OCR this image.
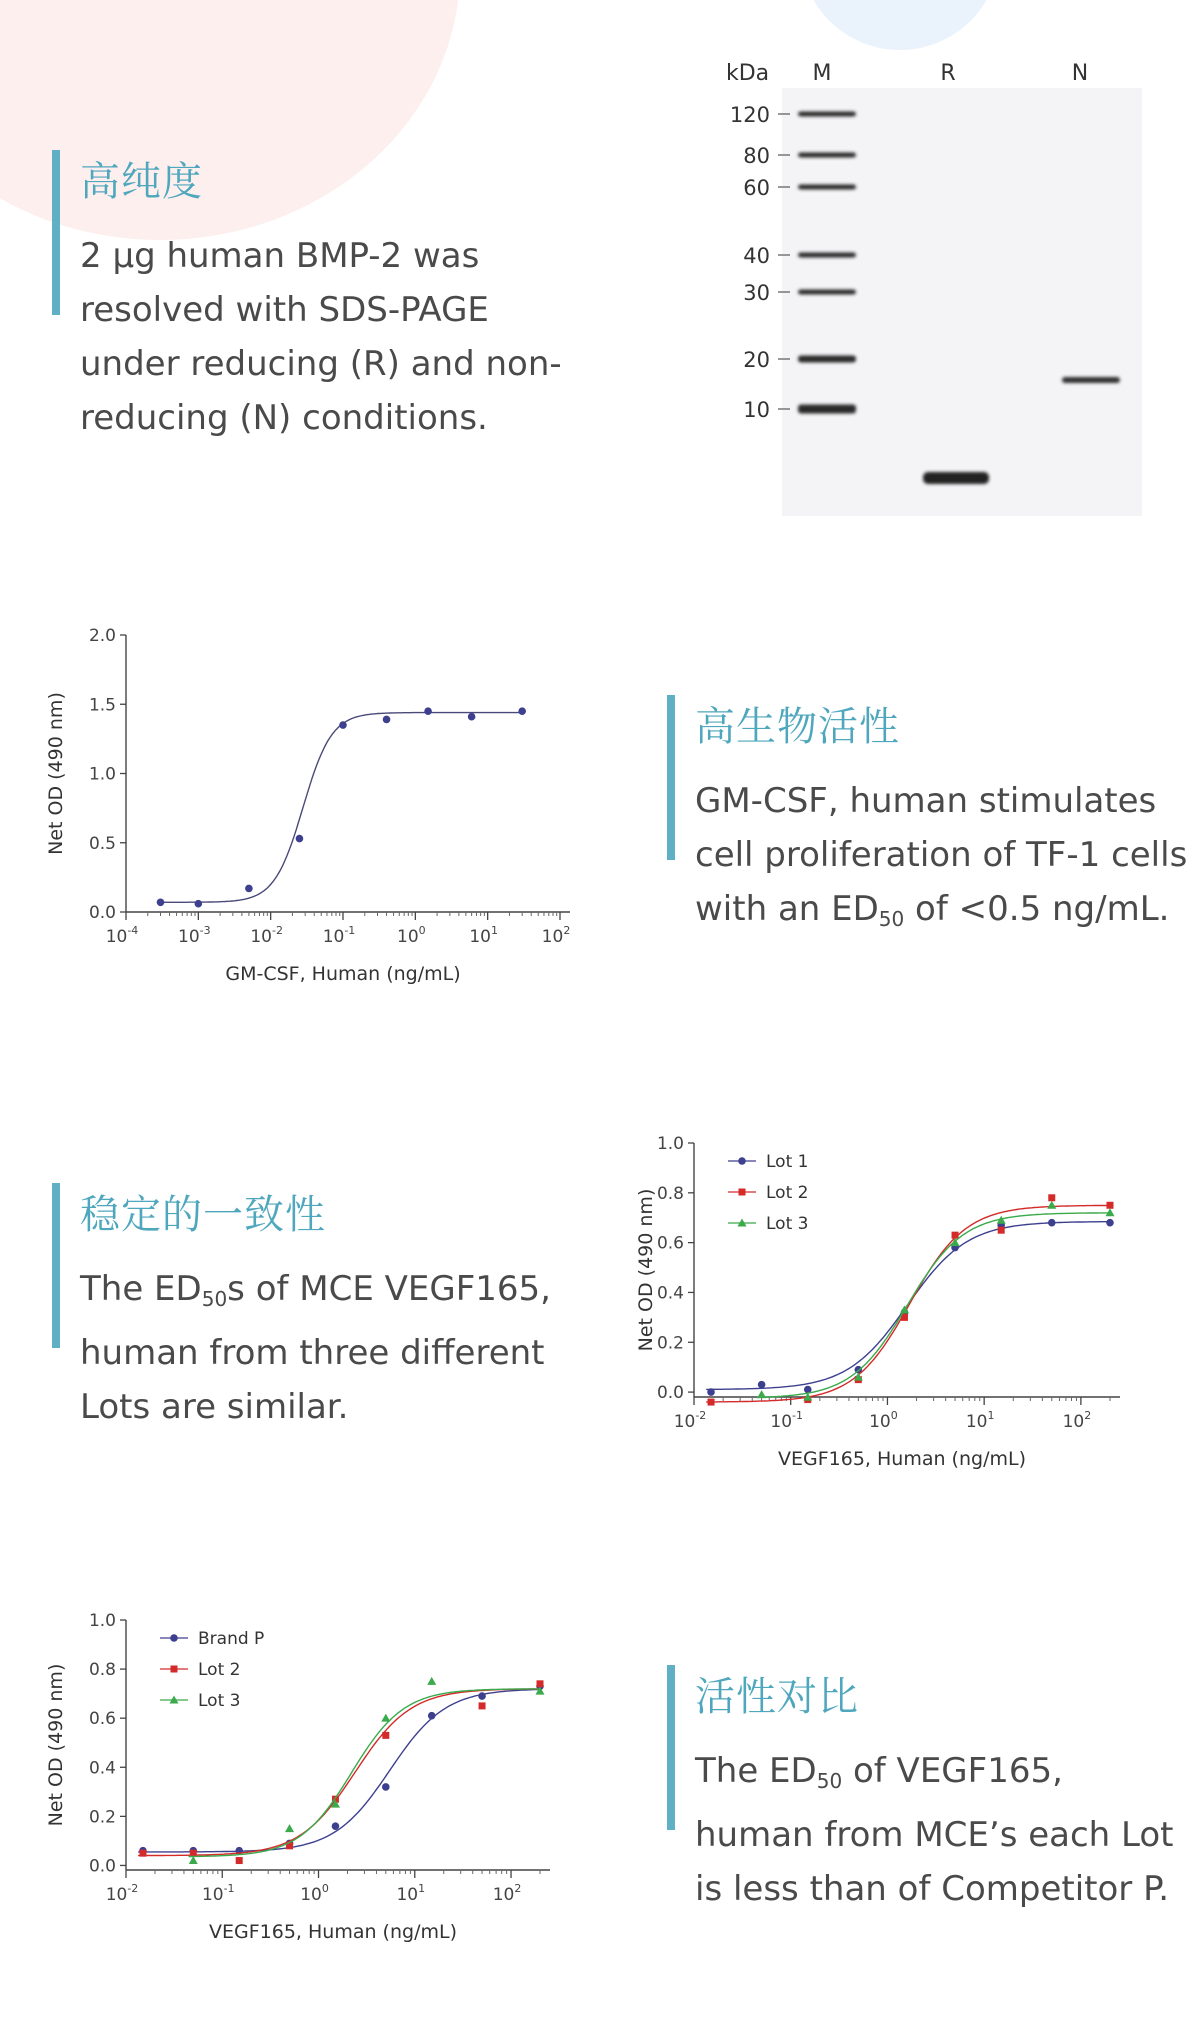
高纯度

2 μg human BMP-2 was resolved with SDS-PAGE under reducing (R) and non-reducing (N) conditions.

kDa M	R	N
120
80
60
40
30
20
10
0.0
0.5
1.0
1.5
2.0
$10^{-4}$ $10^{-3}$ $10^{-2}$ $10^{-1}$ $10^0$	$10^1$	$10^2$
GM-CSF, Human (ng/mL)
Net OD (490 nm)	高生物活性

GM-CSF, human stimulates cell proliferation of TF-1 cells with an $ED_{50}$ of <0.5 ng/mL.

稳定的一致性

The $ED_{50}s$ of MCE VEGF165, human from three different Lots are similar.	0.0
0.2
0.4
0.6
0.8
1.0
$10^{-2}$	$10^{-1}$	$10^0$	$10^1$	$10^2$
VEGF165, Human (ng/mL)
Net OD (490 nm)
Lot 1
Lot 2
Lot 3
0.0
0.2
0.4
0.6
0.8
1.0
$10^{-2}$	$10^{-1}$	$10^0$	$10^1$	$10^2$
VEGF165, Human (ng/mL)
Net OD (490 nm)
Brand P
Lot 2
Lot 3	活性对比

The $ED_{50}$ of VEGF165, human from MCE’s each Lot is less than of Competitor P.
